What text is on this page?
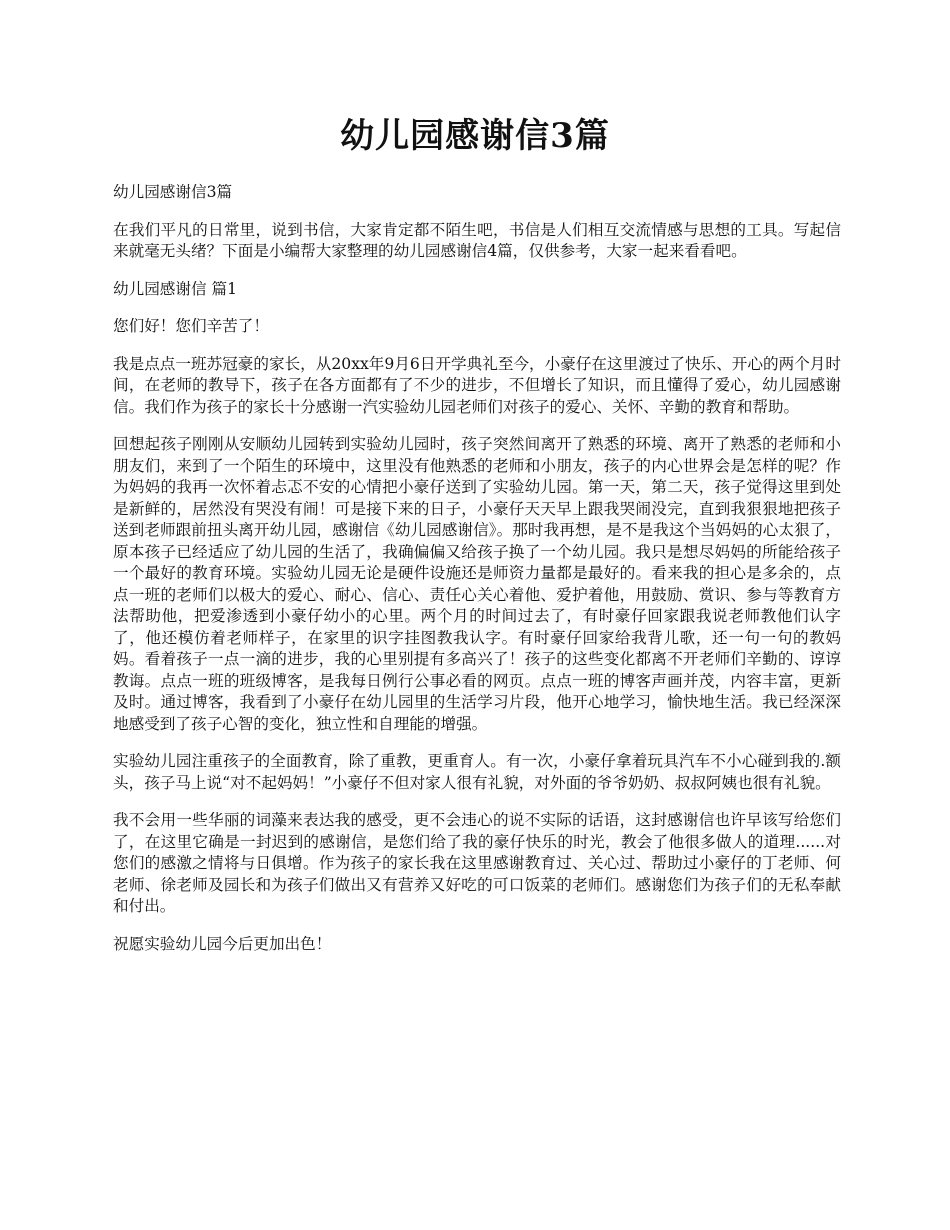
幼儿园感谢信3篇

幼儿园感谢信3篇

在我们平凡的日常里，说到书信，大家肯定都不陌生吧，书信是人们相互交流情感与思想的工具。写起信来就毫无头绪？下面是小编帮大家整理的幼儿园感谢信4篇，仅供参考，大家一起来看看吧。

幼儿园感谢信 篇1

您们好！您们辛苦了！

我是点点一班苏冠豪的家长，从20xx年9月6日开学典礼至今，小豪仔在这里渡过了快乐、开心的两个月时间，在老师的教导下，孩子在各方面都有了不少的进步，不但增长了知识，而且懂得了爱心，幼儿园感谢信。我们作为孩子的家长十分感谢一汽实验幼儿园老师们对孩子的爱心、关怀、辛勤的教育和帮助。

回想起孩子刚刚从安顺幼儿园转到实验幼儿园时，孩子突然间离开了熟悉的环境、离开了熟悉的老师和小朋友们，来到了一个陌生的环境中，这里没有他熟悉的老师和小朋友，孩子的内心世界会是怎样的呢？作为妈妈的我再一次怀着忐忑不安的心情把小豪仔送到了实验幼儿园。第一天，第二天，孩子觉得这里到处是新鲜的，居然没有哭没有闹！可是接下来的日子，小豪仔天天早上跟我哭闹没完，直到我狠狠地把孩子送到老师跟前扭头离开幼儿园，感谢信《幼儿园感谢信》。那时我再想，是不是我这个当妈妈的心太狠了，原本孩子已经适应了幼儿园的生活了，我确偏偏又给孩子换了一个幼儿园。我只是想尽妈妈的所能给孩子一个最好的教育环境。实验幼儿园无论是硬件设施还是师资力量都是最好的。看来我的担心是多余的，点点一班的老师们以极大的爱心、耐心、信心、责任心关心着他、爱护着他，用鼓励、赏识、参与等教育方法帮助他，把爱渗透到小豪仔幼小的心里。两个月的时间过去了，有时豪仔回家跟我说老师教他们认字了，他还模仿着老师样子，在家里的识字挂图教我认字。有时豪仔回家给我背儿歌，还一句一句的教妈妈。看着孩子一点一滴的进步，我的心里别提有多高兴了！孩子的这些变化都离不开老师们辛勤的、谆谆教诲。点点一班的班级博客，是我每日例行公事必看的网页。点点一班的博客声画并茂，内容丰富，更新及时。通过博客，我看到了小豪仔在幼儿园里的生活学习片段，他开心地学习，愉快地生活。我已经深深地感受到了孩子心智的变化，独立性和自理能的增强。

实验幼儿园注重孩子的全面教育，除了重教，更重育人。有一次，小豪仔拿着玩具汽车不小心碰到我的.额头，孩子马上说“对不起妈妈！”小豪仔不但对家人很有礼貌，对外面的爷爷奶奶、叔叔阿姨也很有礼貌。

我不会用一些华丽的词藻来表达我的感受，更不会违心的说不实际的话语，这封感谢信也许早该写给您们了，在这里它确是一封迟到的感谢信，是您们给了我的豪仔快乐的时光，教会了他很多做人的道理......对您们的感激之情将与日俱增。作为孩子的家长我在这里感谢教育过、关心过、帮助过小豪仔的丁老师、何老师、徐老师及园长和为孩子们做出又有营养又好吃的可口饭菜的老师们。感谢您们为孩子们的无私奉献和付出。

祝愿实验幼儿园今后更加出色！
